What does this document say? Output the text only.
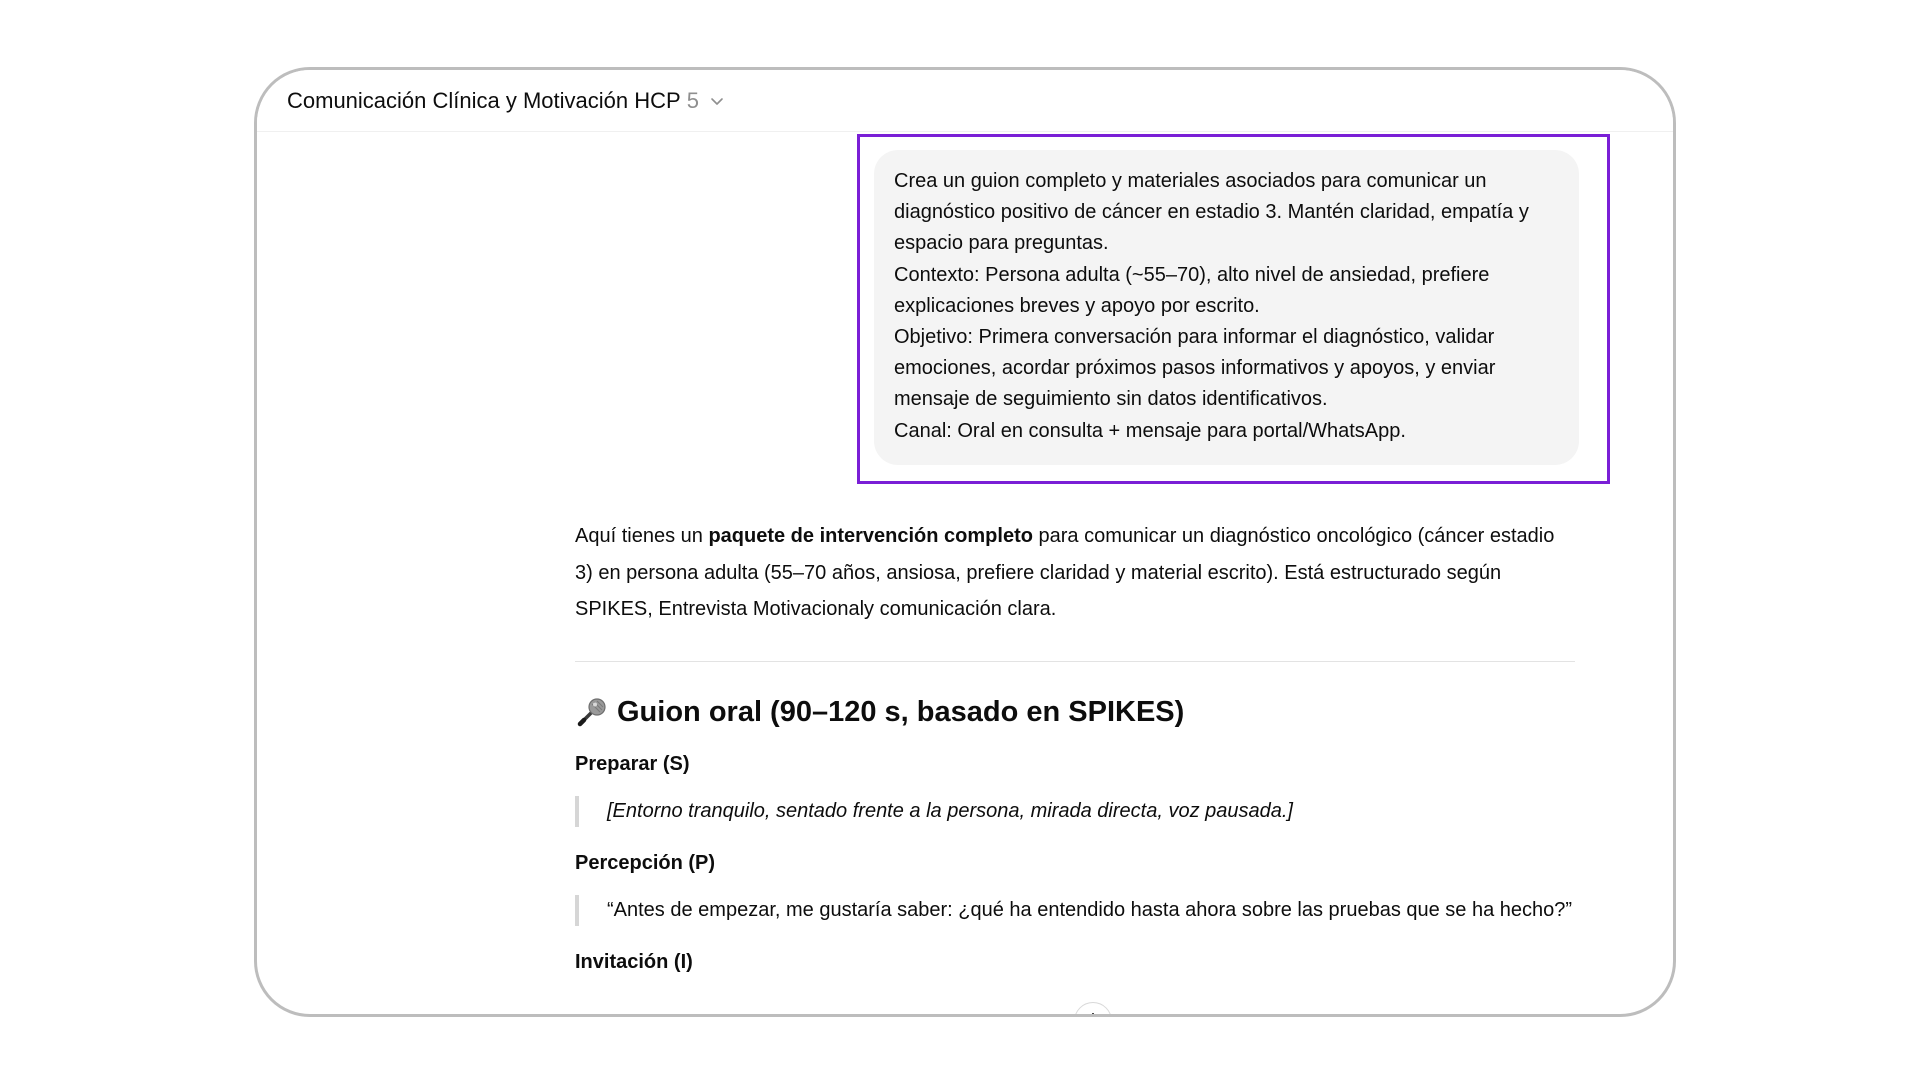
Comunicación Clínica y Motivación HCP 5

Crea un guion completo y materiales asociados para comunicar un diagnóstico positivo de cáncer en estadio 3. Mantén claridad, empatía y espacio para preguntas.

Contexto: Persona adulta (~55–70), alto nivel de ansiedad, prefiere explicaciones breves y apoyo por escrito.

Objetivo: Primera conversación para informar el diagnóstico, validar emociones, acordar próximos pasos informativos y apoyos, y enviar mensaje de seguimiento sin datos identificativos.

Canal: Oral en consulta + mensaje para portal/WhatsApp.

Aquí tienes un paquete de intervención completo para comunicar un diagnóstico oncológico (cáncer estadio 3) en persona adulta (55–70 años, ansiosa, prefiere claridad y material escrito). Está estructurado según SPIKES, Entrevista Motivacionaly comunicación clara.

Guion oral (90–120 s, basado en SPIKES)
Preparar (S)
[Entorno tranquilo, sentado frente a la persona, mirada directa, voz pausada.]
Percepción (P)
“Antes de empezar, me gustaría saber: ¿qué ha entendido hasta ahora sobre las pruebas que se ha hecho?”
Invitación (I)
